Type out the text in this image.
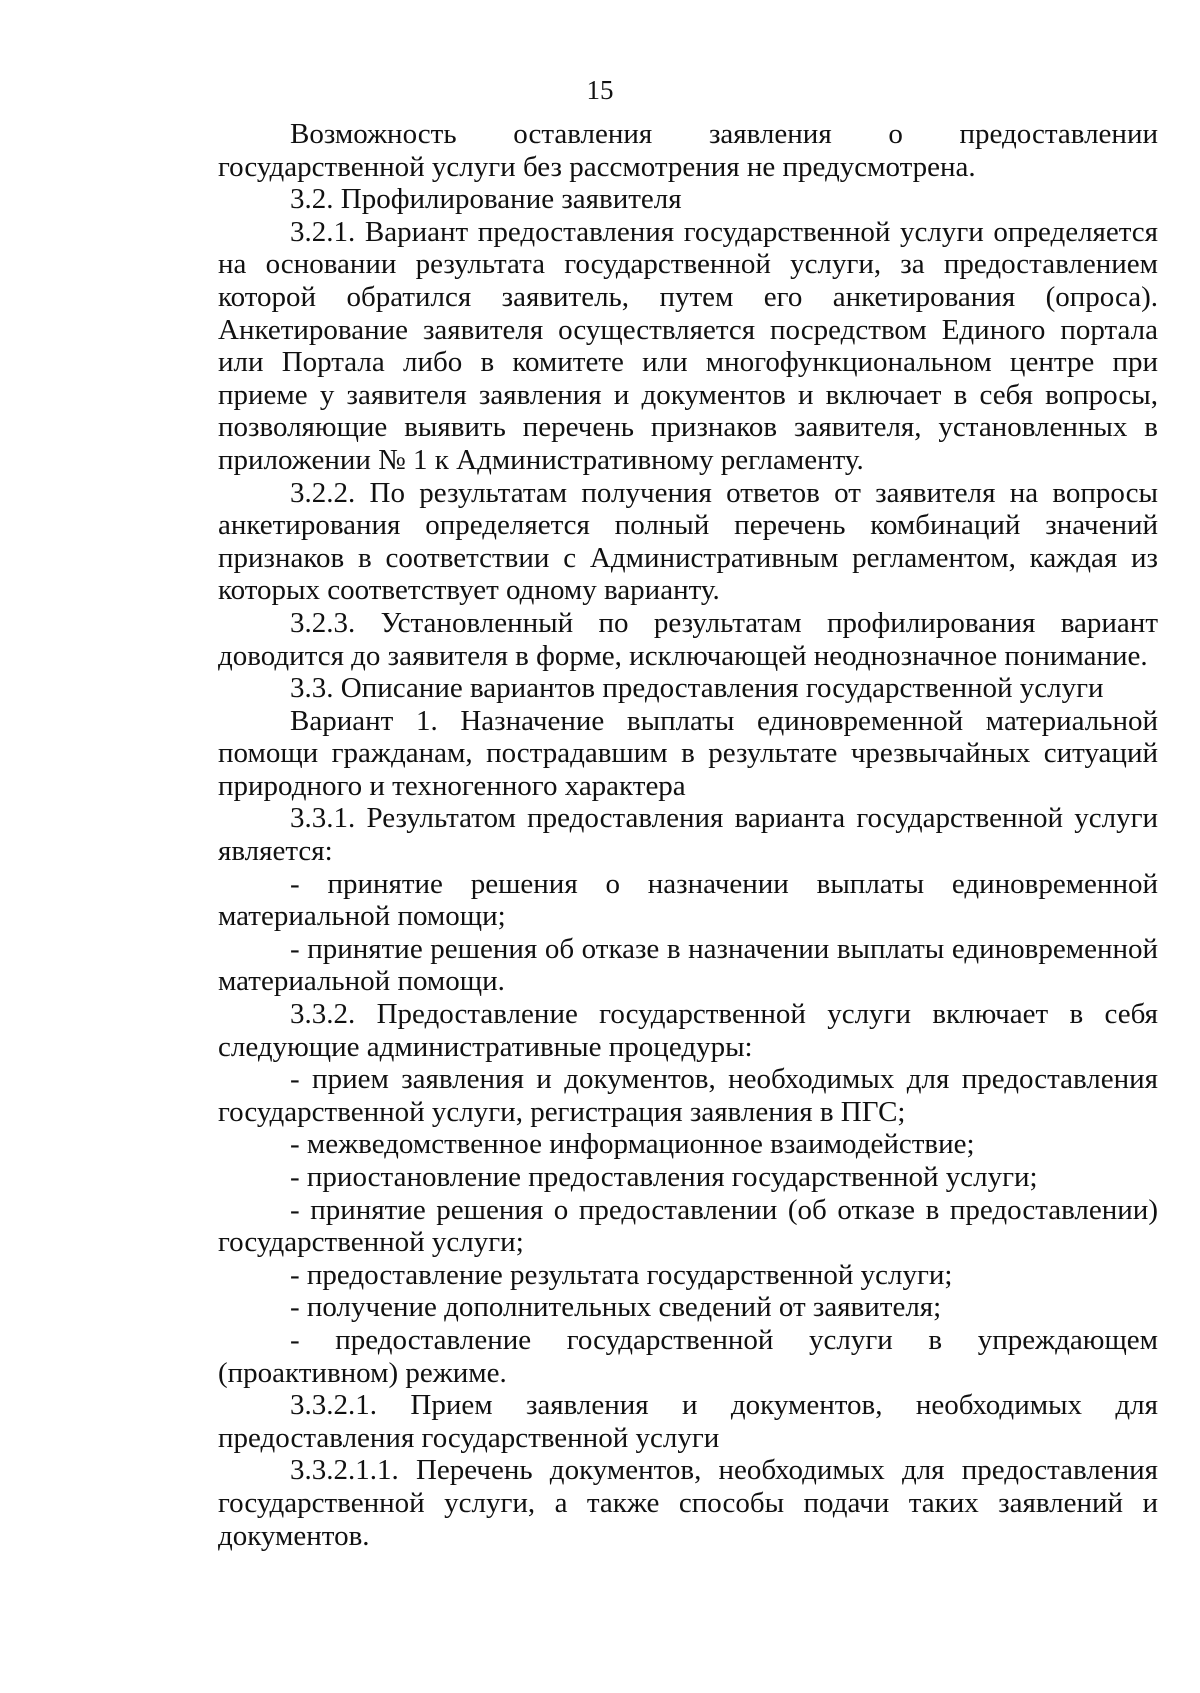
15

Возможность оставления заявления о предоставлении государственной услуги без рассмотрения не предусмотрена.

3.2. Профилирование заявителя

3.2.1. Вариант предоставления государственной услуги определяется на основании результата государственной услуги, за предоставлением которой обратился заявитель, путем его анкетирования (опроса). Анкетирование заявителя осуществляется посредством Единого портала или Портала либо в комитете или многофункциональном центре при приеме у заявителя заявления и документов и включает в себя вопросы, позволяющие выявить перечень признаков заявителя, установленных в приложении № 1 к Административному регламенту.

3.2.2. По результатам получения ответов от заявителя на вопросы анкетирования определяется полный перечень комбинаций значений признаков в соответствии с Административным регламентом, каждая из которых соответствует одному варианту.

3.2.3. Установленный по результатам профилирования вариант доводится до заявителя в форме, исключающей неоднозначное понимание.

3.3. Описание вариантов предоставления государственной услуги

Вариант 1. Назначение выплаты единовременной материальной помощи гражданам, пострадавшим в результате чрезвычайных ситуаций природного и техногенного характера

3.3.1. Результатом предоставления варианта государственной услуги является:

- принятие решения о назначении выплаты единовременной материальной помощи;

- принятие решения об отказе в назначении выплаты единовременной материальной помощи.

3.3.2. Предоставление государственной услуги включает в себя следующие административные процедуры:

- прием заявления и документов, необходимых для предоставления государственной услуги, регистрация заявления в ПГС;

- межведомственное информационное взаимодействие;

- приостановление предоставления государственной услуги;

- принятие решения о предоставлении (об отказе в предоставлении) государственной услуги;

- предоставление результата государственной услуги;

- получение дополнительных сведений от заявителя;

- предоставление государственной услуги в упреждающем (проактивном) режиме.

3.3.2.1. Прием заявления и документов, необходимых для предоставления государственной услуги

3.3.2.1.1. Перечень документов, необходимых для предоставления государственной услуги, а также способы подачи таких заявлений и документов.
